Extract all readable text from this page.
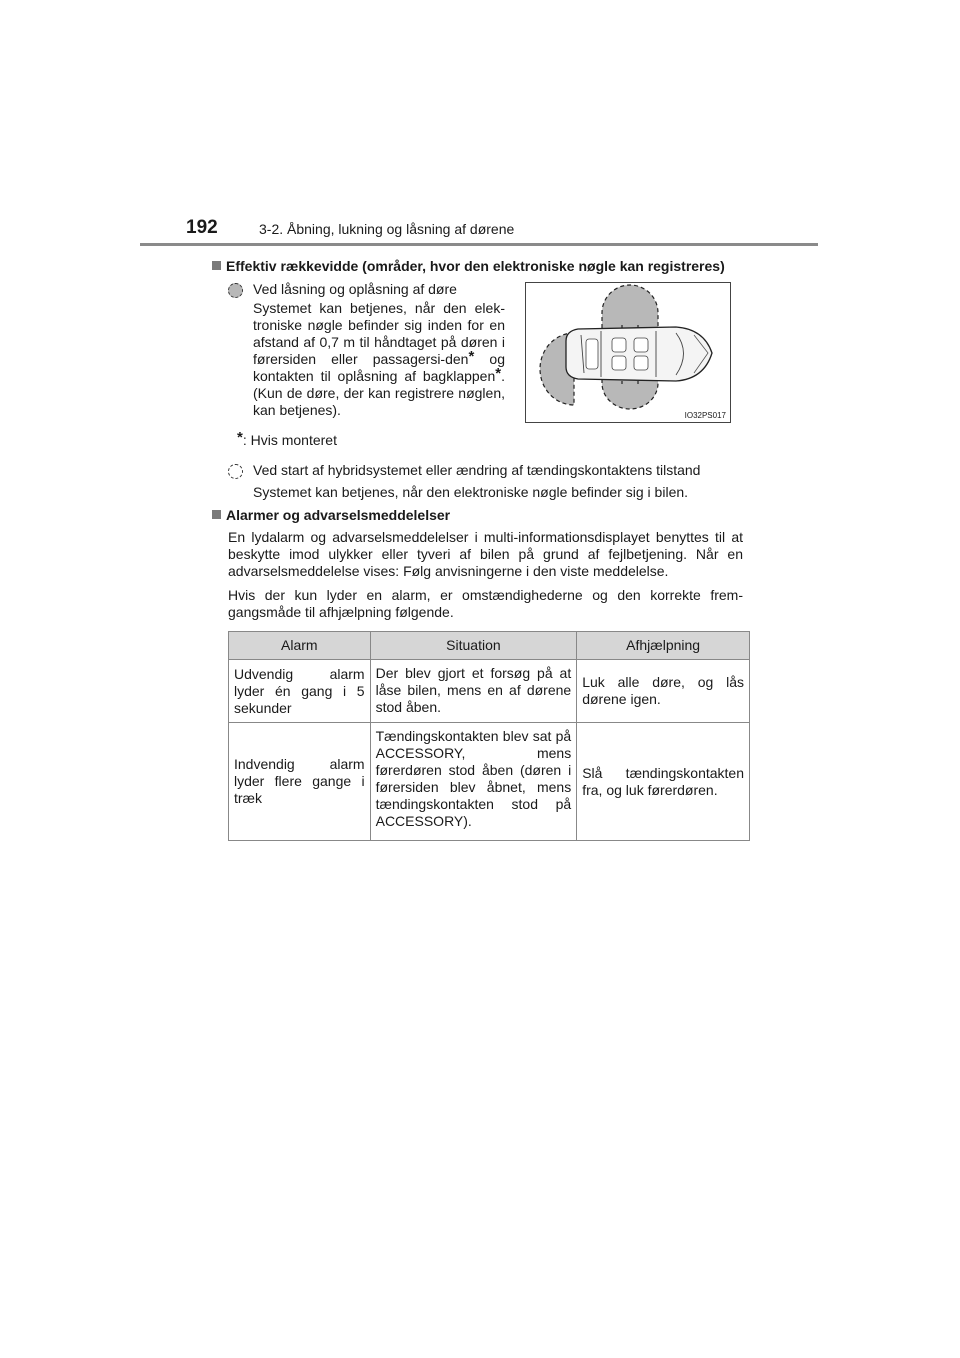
192	3-2. Åbning, lukning og låsning af dørene
Effektiv rækkevidde (områder, hvor den elektroniske nøgle kan registreres)
Ved låsning og oplåsning af døre
Systemet kan betjenes, når den elek-troniske nøgle befinder sig inden for en afstand af 0,7 m til håndtaget på døren i førersiden eller passagersi-den* og kontakten til oplåsning af bagklappen*. (Kun de døre, der kan registrere nøglen, kan betjenes).	IO32PS017
*: Hvis monteret
Ved start af hybridsystemet eller ændring af tændingskontaktens tilstand
Systemet kan betjenes, når den elektroniske nøgle befinder sig i bilen.
Alarmer og advarselsmeddelelser
En lydalarm og advarselsmeddelelser i multi-informationsdisplayet benyttes til at beskytte imod ulykker eller tyveri af bilen på grund af fejlbetjening. Når en advarselsmeddelelse vises: Følg anvisningerne i den viste meddelelse.
Hvis der kun lyder en alarm, er omstændighederne og den korrekte frem-gangsmåde til afhjælpning følgende.
Alarm	Situation	Afhjælpning
Udvendig alarm lyder én gang i 5 sekunder	Der blev gjort et forsøg på at låse bilen, mens en af dørene stod åben.	Luk alle døre, og lås dørene igen.
Indvendig alarm lyder flere gange i træk	Tændingskontakten blev sat på ACCESSORY, mens førerdøren stod åben (døren i førersiden blev åbnet, mens tændingskontakten stod på ACCESSORY).	Slå tændingskontakten fra, og luk førerdøren.
